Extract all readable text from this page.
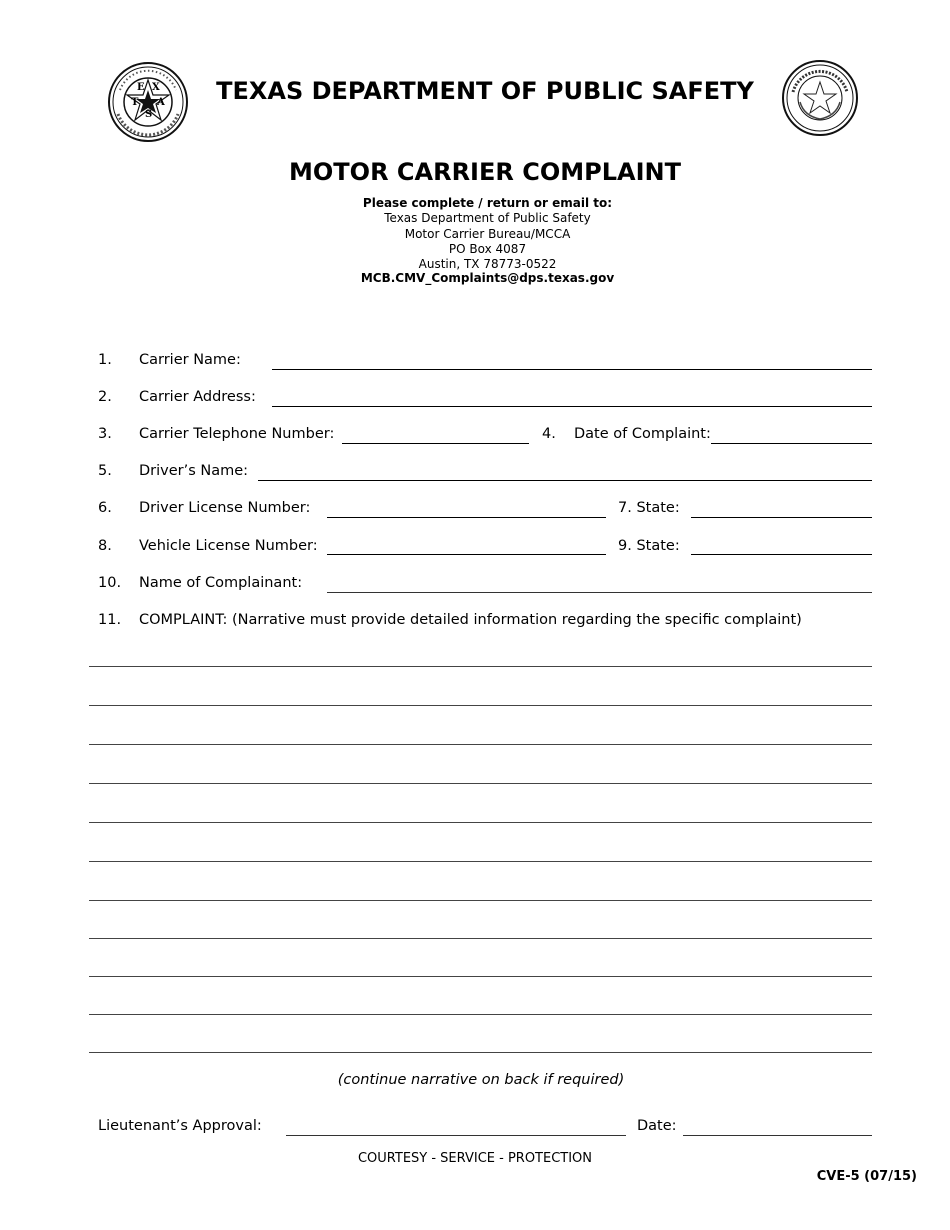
E X
T A
S
TEXAS DEPARTMENT OF PUBLIC SAFETY
MOTOR CARRIER COMPLAINT
Please complete / return or email to:
Texas Department of Public Safety
Motor Carrier Bureau/MCCA
PO Box 4087
Austin, TX 78773-0522
MCB.CMV_Complaints@dps.texas.gov
1. Carrier Name:
2. Carrier Address:
3. Carrier Telephone Number:	4. Date of Complaint:
5. Driver’s Name:
6. Driver License Number:	7. State:
8. Vehicle License Number:	9. State:
10. Name of Complainant:
11. COMPLAINT: (Narrative must provide detailed information regarding the specific complaint)
(continue narrative on back if required)
Lieutenant’s Approval:	Date:
COURTESY - SERVICE - PROTECTION
CVE-5 (07/15)
